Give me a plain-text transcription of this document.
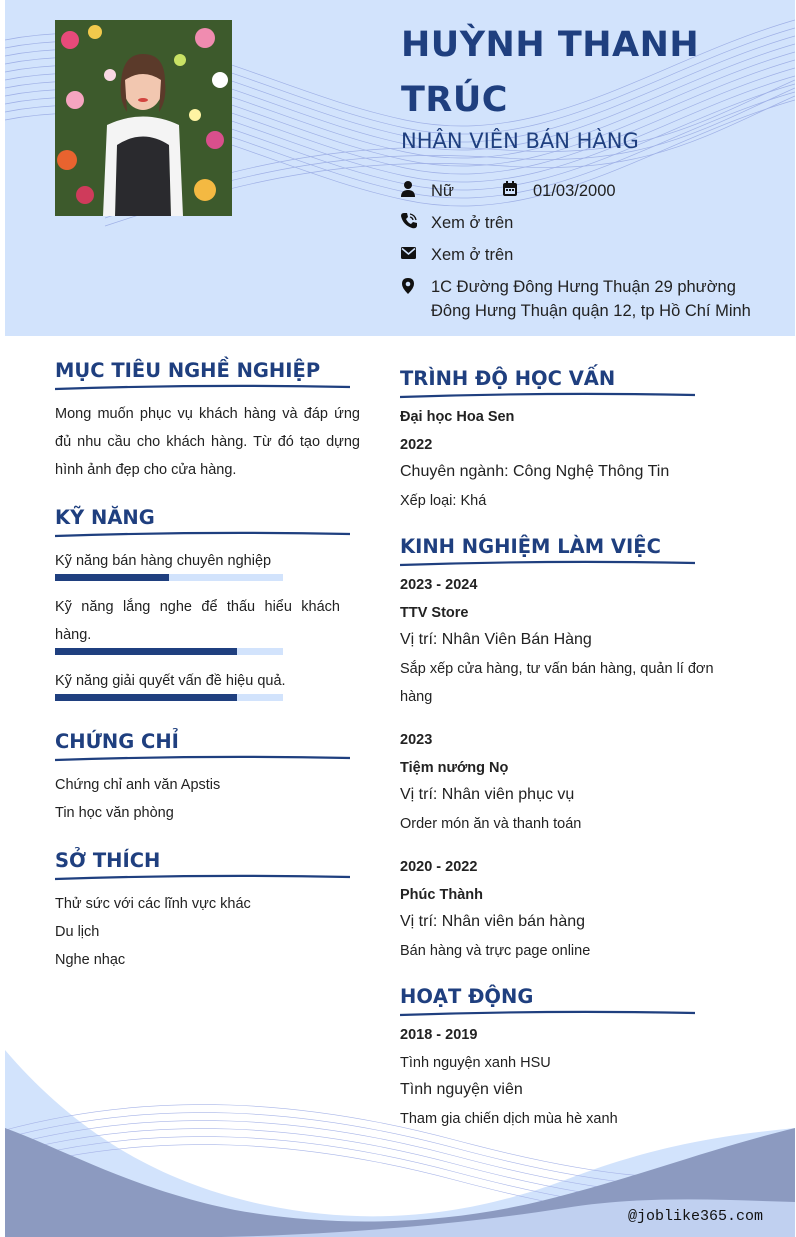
HUỲNH THANH TRÚC
NHÂN VIÊN BÁN HÀNG
Nữ	01/03/2000
Xem ở trên
Xem ở trên
1C Đường Đông Hưng Thuận 29 phường Đông Hưng Thuận quận 12, tp Hồ Chí Minh
MỤC TIÊU NGHỀ NGHIỆP
Mong muốn phục vụ khách hàng và đáp ứng đủ nhu cầu cho khách hàng. Từ đó tạo dựng hình ảnh đẹp cho cửa hàng.
KỸ NĂNG
Kỹ năng bán hàng chuyên nghiệp
Kỹ năng lắng nghe để thấu hiểu khách hàng.
Kỹ năng giải quyết vấn đề hiệu quả.
CHỨNG CHỈ
Chứng chỉ anh văn Apstis
Tin học văn phòng
SỞ THÍCH
Thử sức với các lĩnh vực khác
Du lịch
Nghe nhạc
TRÌNH ĐỘ HỌC VẤN
Đại học Hoa Sen
2022
Chuyên ngành: Công Nghệ Thông Tin
Xếp loại: Khá
KINH NGHIỆM LÀM VIỆC
2023 - 2024
TTV Store
Vị trí: Nhân Viên Bán Hàng
Sắp xếp cửa hàng, tư vấn bán hàng, quản lí đơn hàng
2023
Tiệm nướng Nọ
Vị trí: Nhân viên phục vụ
Order món ăn và thanh toán
2020 - 2022
Phúc Thành
Vị trí: Nhân viên bán hàng
Bán hàng và trực page online
HOẠT ĐỘNG
2018 - 2019
Tình nguyện xanh HSU
Tình nguyện viên
Tham gia chiến dịch mùa hè xanh
@joblike365.com
